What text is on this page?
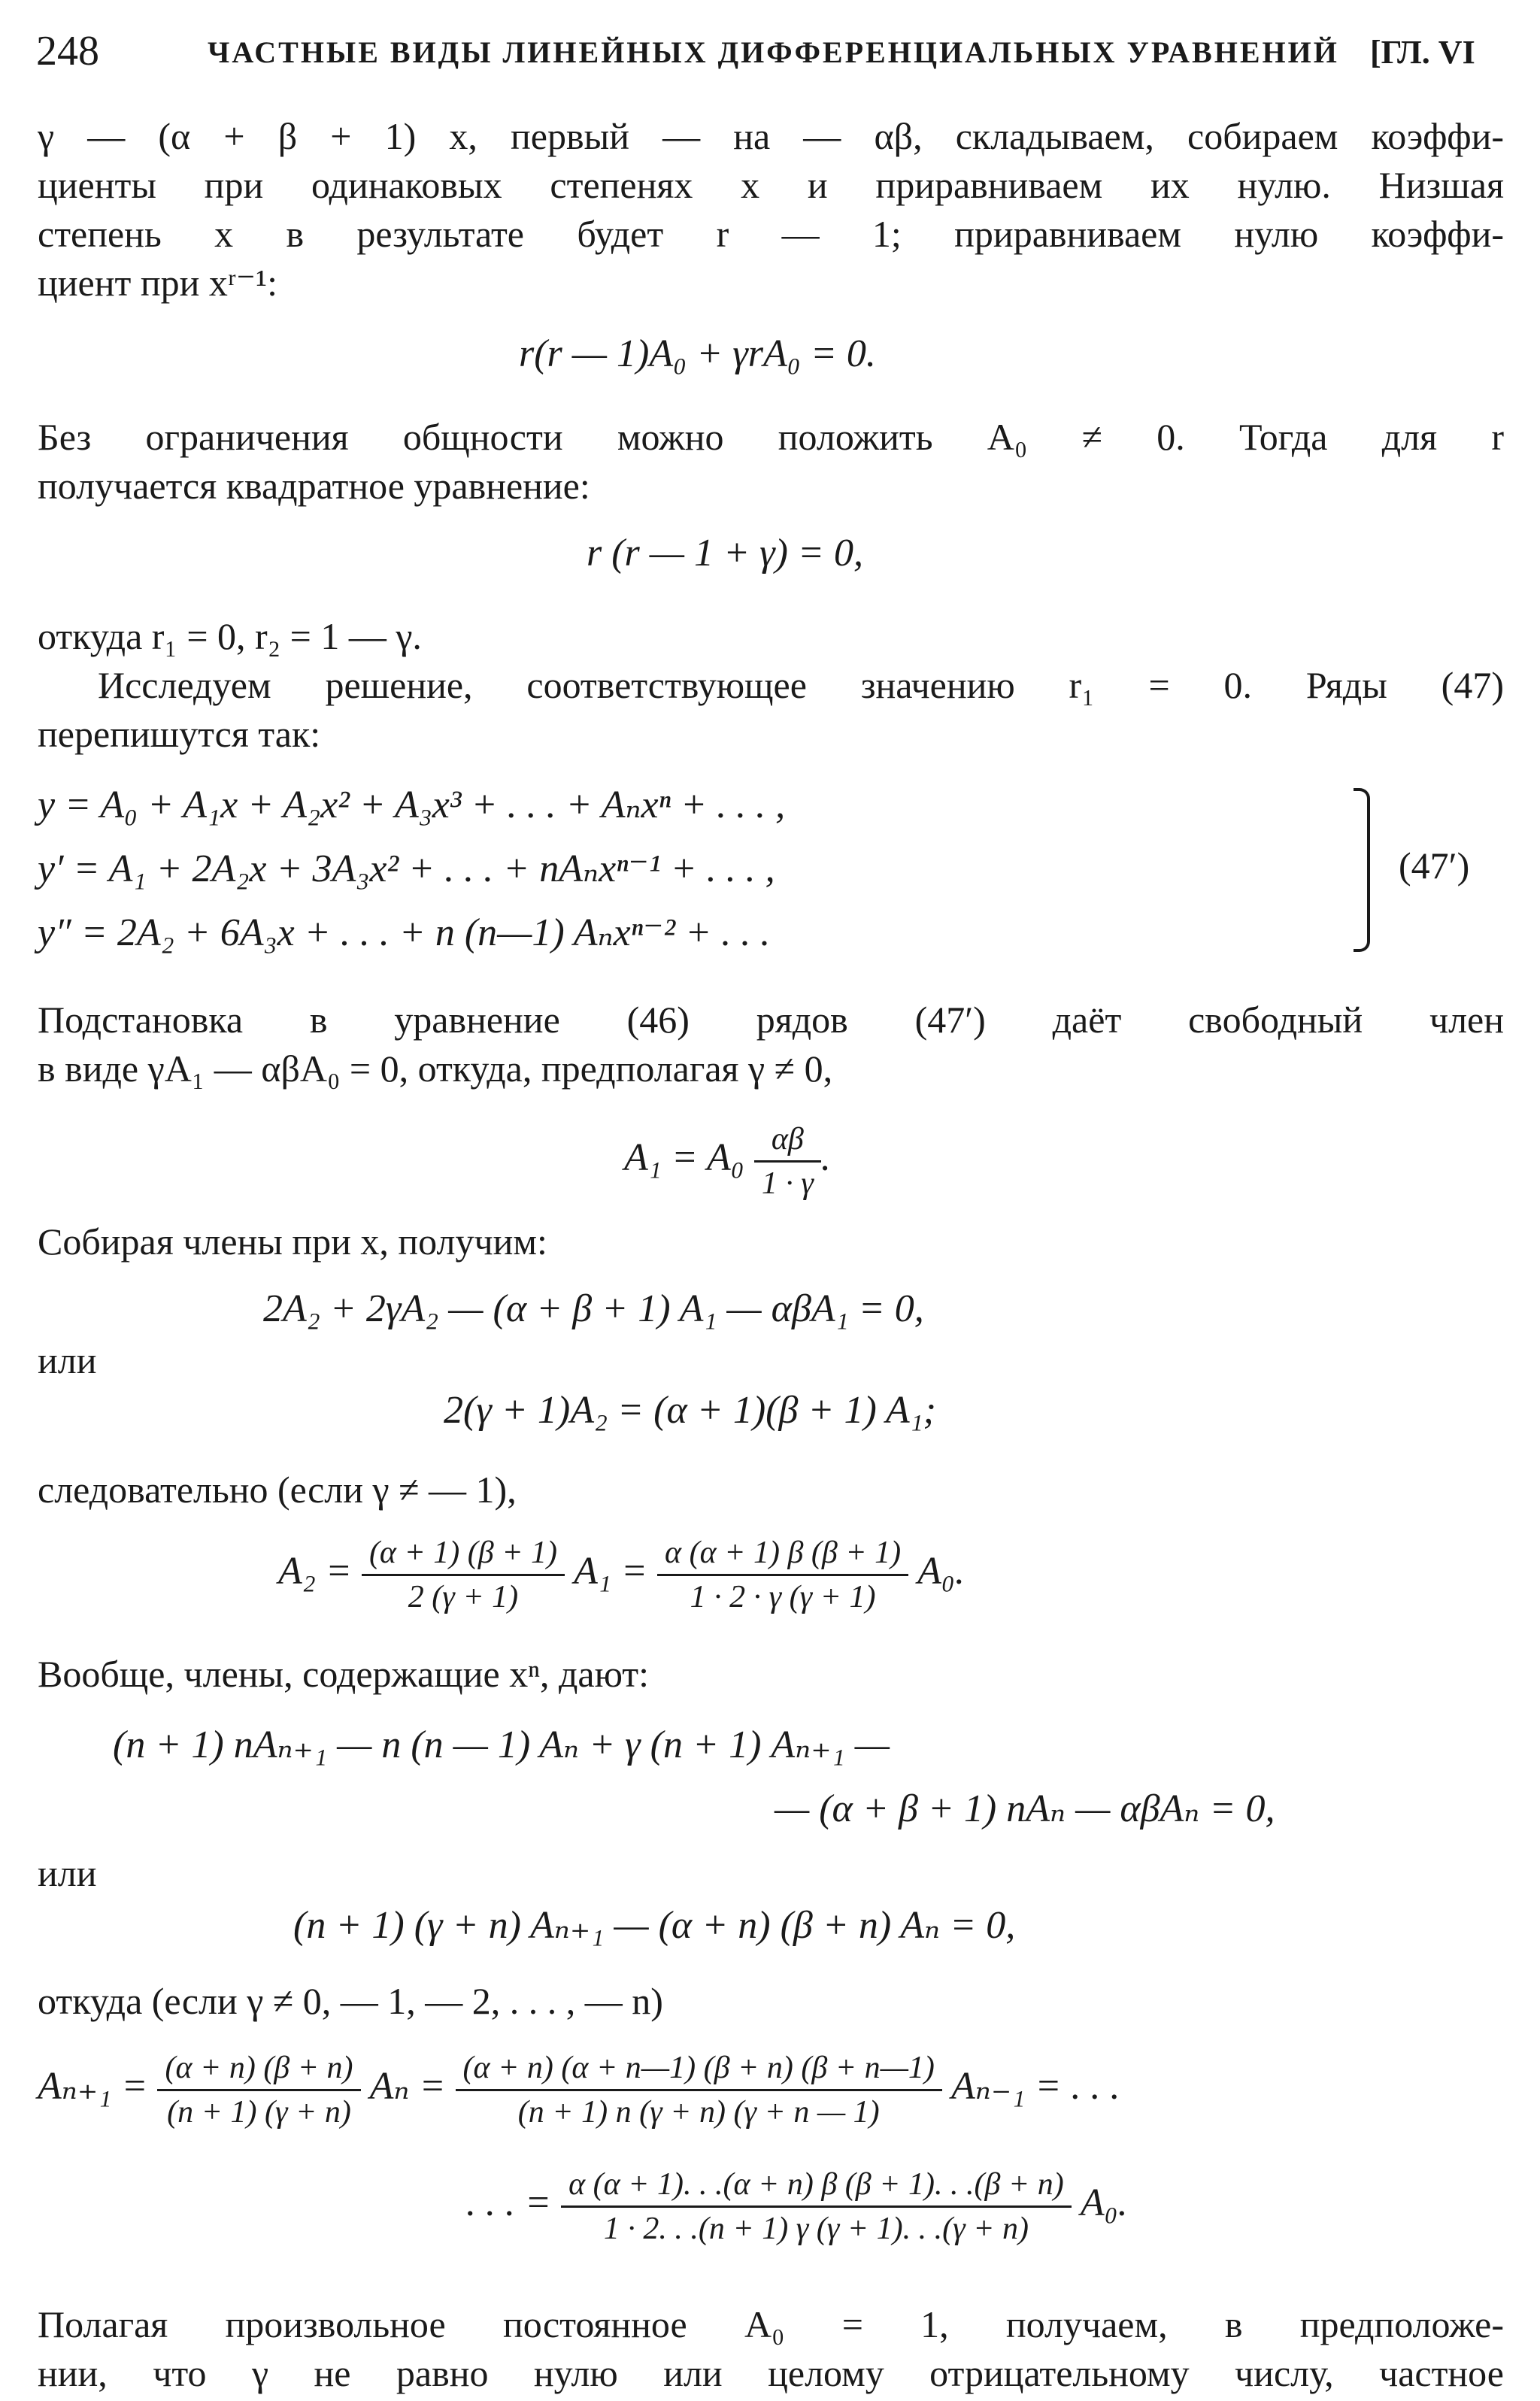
248	ЧАСТНЫЕ ВИДЫ ЛИНЕЙНЫХ ДИФФЕРЕНЦИАЛЬНЫХ УРАВНЕНИЙ [ГЛ. VI
γ — (α + β + 1) x, первый — на — αβ, складываем, собираем коэффи-
циенты при одинаковых степенях x и приравниваем их нулю. Низшая
степень x в результате будет r — 1; приравниваем нулю коэффи-
циент при xʳ⁻¹:
r(r — 1)A₀ + γrA₀ = 0.
Без ограничения общности можно положить A₀ ≠ 0. Тогда для r
получается квадратное уравнение:
r (r — 1 + γ) = 0,
откуда r₁ = 0, r₂ = 1 — γ.
Исследуем решение, соответствующее значению r₁ = 0. Ряды (47)
перепишутся так:
y = A₀ + A₁x + A₂x² + A₃x³ + . . . + Aₙxⁿ + . . . ,
y′ = A₁ + 2A₂x + 3A₃x² + . . . + nAₙxⁿ⁻¹ + . . . ,
y″ = 2A₂ + 6A₃x + . . . + n (n—1) Aₙxⁿ⁻² + . . .
(47′)
Подстановка в уравнение (46) рядов (47′) даёт свободный член
в виде γA₁ — αβA₀ = 0, откуда, предполагая γ ≠ 0,
$A_1 = A_0 \frac{\alpha\beta}{1 \cdot \gamma}$ .
Собирая члены при x, получим:
2A₂ + 2γA₂ — (α + β + 1) A₁ — αβA₁ = 0,
или
2(γ + 1)A₂ = (α + 1)(β + 1) A₁;
следовательно (если γ ≠ — 1),
$A_2 = \frac{(\alpha + 1) (\beta + 1)}{2 (\gamma + 1)} A_1 = \frac{\alpha (\alpha + 1) \beta (\beta + 1)}{1 \cdot 2 \cdot \gamma (\gamma + 1)} A_0$.
Вообще, члены, содержащие xⁿ, дают:
(n + 1) nAₙ₊₁ — n (n — 1) Aₙ + γ (n + 1) Aₙ₊₁ —
— (α + β + 1) nAₙ — αβAₙ = 0,
или
(n + 1) (γ + n) Aₙ₊₁ — (α + n) (β + n) Aₙ = 0,
откуда (если γ ≠ 0, — 1, — 2, . . . , — n)
$A_{n+1} = \frac{(\alpha + n) (\beta + n)}{(n + 1) (\gamma + n)}$ $A_n = \frac{(\alpha + n) (\alpha + n—1) (\beta + n) (\beta + n—1)}{(n + 1) n (\gamma + n) (\gamma + n — 1)} A_{n-1}$ = . . .
. . . = $\frac{\alpha (\alpha + 1). . .(\alpha + n) \beta (\beta + 1). . .(\beta + n)}{1 \cdot 2. . .(n + 1) \gamma (\gamma + 1). . .(\gamma + n)} A_0$.
Полагая произвольное постоянное A₀ = 1, получаем, в предположе-
нии, что γ не равно нулю или целому отрицательному числу, частное
